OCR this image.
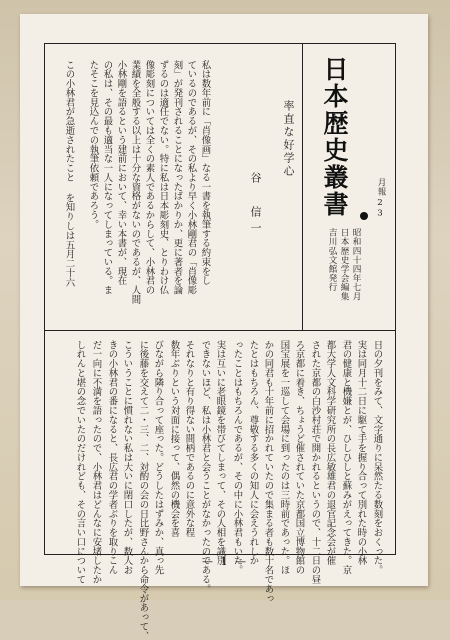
日本歴史叢書	月報
23
昭和四十四年七月
日本歴史学会編集
吉川弘文館発行
率直な好学心
谷 信一
私は数年前に「肖像画」なる一書を執筆する約束をし
ているのであるが、その私より早く小林剛君の「肖像彫
刻」が発刊されることになったばかりか、更に著者を論
ずるのは適任でない。特に私は日本彫刻史、とりわけ仏
像彫刻については全くの素人であるからして、小林君の
業績を全般する以上は十分な資格がないのであるが、人間
小林剛を語るという建前において、幸い本書が、現在
の私は、その最も適当な一人になってしまっている。ま
たそこを見込んでの執筆依頼であろう。
この小林君が急逝されたこと を知りしは五月二十六
日の夕刊をみて、文字通りに呆然たる数刻をおくった。
実は同月十二日に駆て手を握り合って別れた時の小林
君の健康と機嫌とが、ひしひしと蘇みがえってきた。京
都大学人文科学研究所の長広敏雄君の退官記念会が催
された京都の白沙村荘で開かれるというので、十二日の昼
ろ京都に着き、ちょうど催されていた京都国立博物館の
国宝展を一巡して会場に到ったのは三時前であった。ほ
かの同君も十年前に招かれていたので集まる者も数十名であっ
たとはもちろん、尊敬する多くの知人に会えうれしか
ったことはもちろんであるが、その中に小林君もいた。
実は互いに老眼鏡を帯びてしまって、その人相を識別
できないほど、私は小林君と会うことがなかったのである。
それなりと有り得ない間柄であるのに意外な程
数年ぶりという対面に接って、偶然の機会を喜
びながら隣り合って座った。どうしたはずみか、真っ先
に後藤を交えて二・三、二、対酌の会の日比野さんから命令があって、
こういうことに慣れない私は大いに閉口したが、数人お
きの小林君の番になると、長広君の学者ぶりを取りこん
だ一向に不満を語ったので、小林君はどんなに安堵したか
しれんと堪の念でいたのだけれども、その言い口について	— 1 —
